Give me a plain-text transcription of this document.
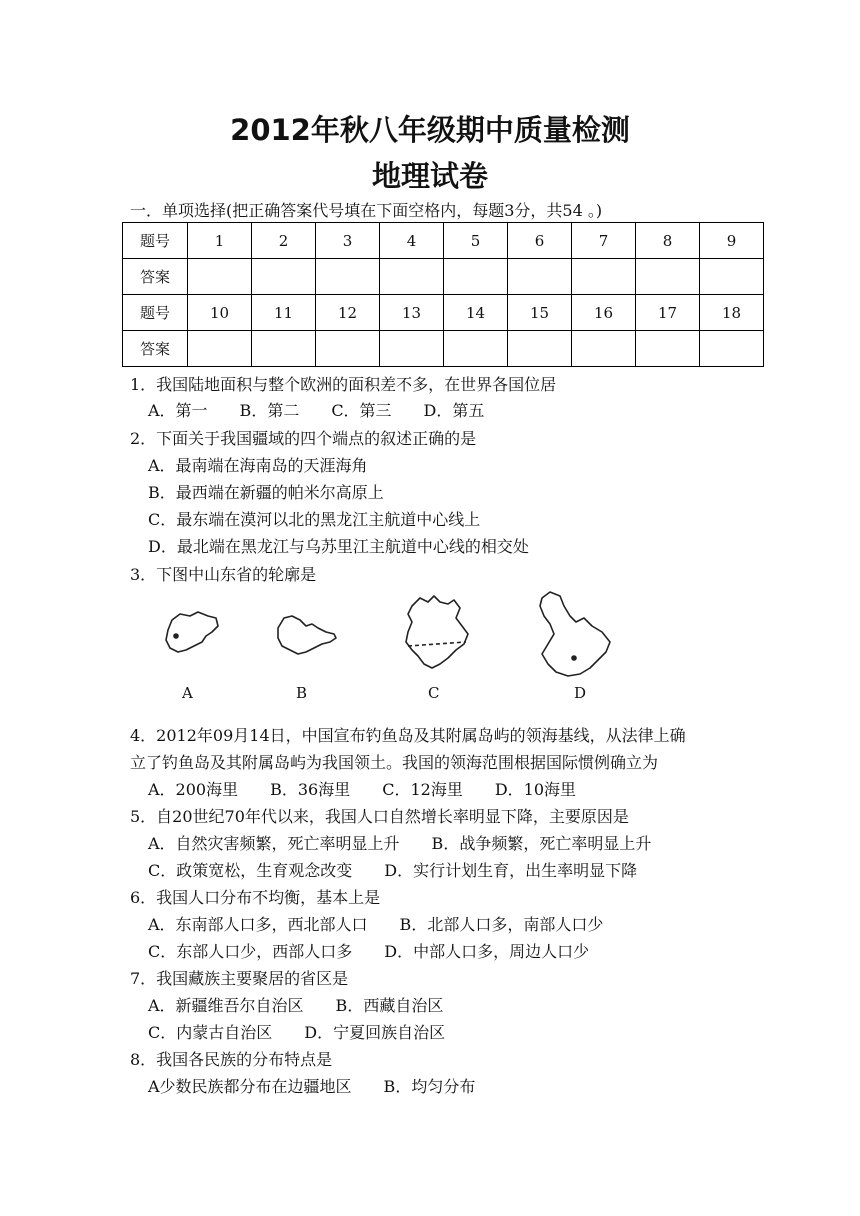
2012年秋八年级期中质量检测
地理试卷
一．单项选择(把正确答案代号填在下面空格内，每题3分，共54 。)
题号	1	2	3	4	5	6	7	8	9
答案									
题号	10	11	12	13	14	15	16	17	18
答案									
1．我国陆地面积与整个欧洲的面积差不多，在世界各国位居
A．第一　　B．第二　　C．第三　　D．第五
2．下面关于我国疆域的四个端点的叙述正确的是
A．最南端在海南岛的天涯海角
B．最西端在新疆的帕米尔高原上
C．最东端在漠河以北的黑龙江主航道中心线上
D．最北端在黑龙江与乌苏里江主航道中心线的相交处
3．下图中山东省的轮廓是
A	B	C	D
4．2012年09月14日，中国宣布钓鱼岛及其附属岛屿的领海基线，从法律上确
立了钓鱼岛及其附属岛屿为我国领土。我国的领海范围根据国际惯例确立为
A．200海里　　B．36海里　　C．12海里　　D．10海里
5．自20世纪70年代以来，我国人口自然增长率明显下降，主要原因是
A．自然灾害频繁，死亡率明显上升　　B．战争频繁，死亡率明显上升
C．政策宽松，生育观念改变　　D．实行计划生育，出生率明显下降
6．我国人口分布不均衡，基本上是
A．东南部人口多，西北部人口　　B．北部人口多，南部人口少
C．东部人口少，西部人口多　　D．中部人口多，周边人口少
7．我国藏族主要聚居的省区是
A．新疆维吾尔自治区　　B．西藏自治区
C．内蒙古自治区　　D．宁夏回族自治区
8．我国各民族的分布特点是
A少数民族都分布在边疆地区　　B．均匀分布
